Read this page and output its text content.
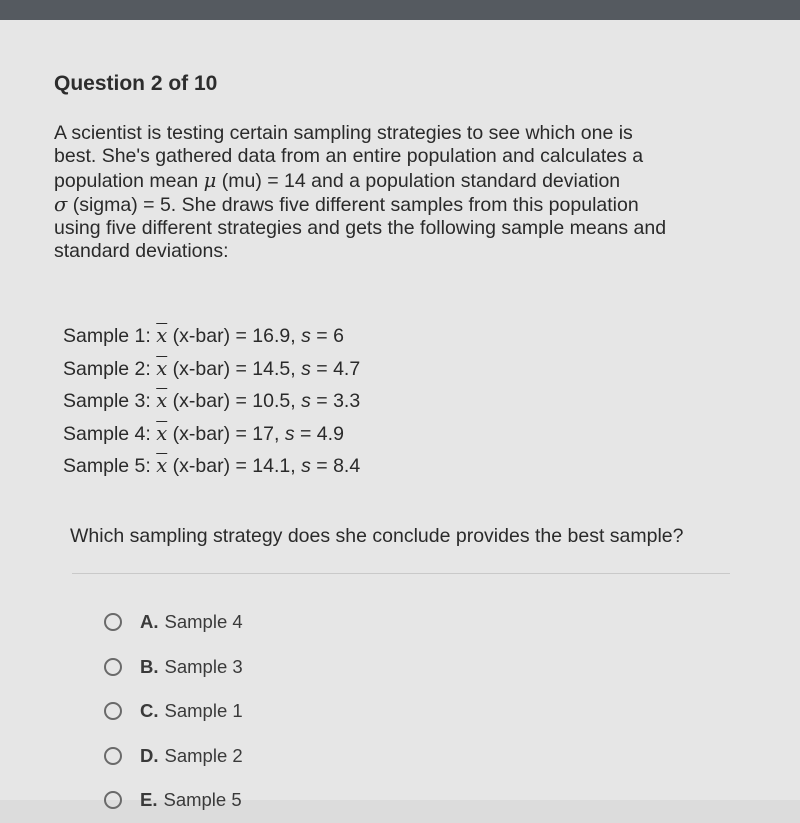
Question 2 of 10
A scientist is testing certain sampling strategies to see which one is
best. She's gathered data from an entire population and calculates a
population mean μ (mu) = 14 and a population standard deviation
σ (sigma) = 5. She draws five different samples from this population
using five different strategies and gets the following sample means and
standard deviations:
Sample 1: $\overline{x}$ (x-bar) = 16.9, s = 6
Sample 2: $\overline{x}$ (x-bar) = 14.5, s = 4.7
Sample 3: $\overline{x}$ (x-bar) = 10.5, s = 3.3
Sample 4: $\overline{x}$ (x-bar) = 17, s = 4.9
Sample 5: $\overline{x}$ (x-bar) = 14.1, s = 8.4
Which sampling strategy does she conclude provides the best sample?
A. Sample 4
B. Sample 3
C. Sample 1
D. Sample 2
E. Sample 5
